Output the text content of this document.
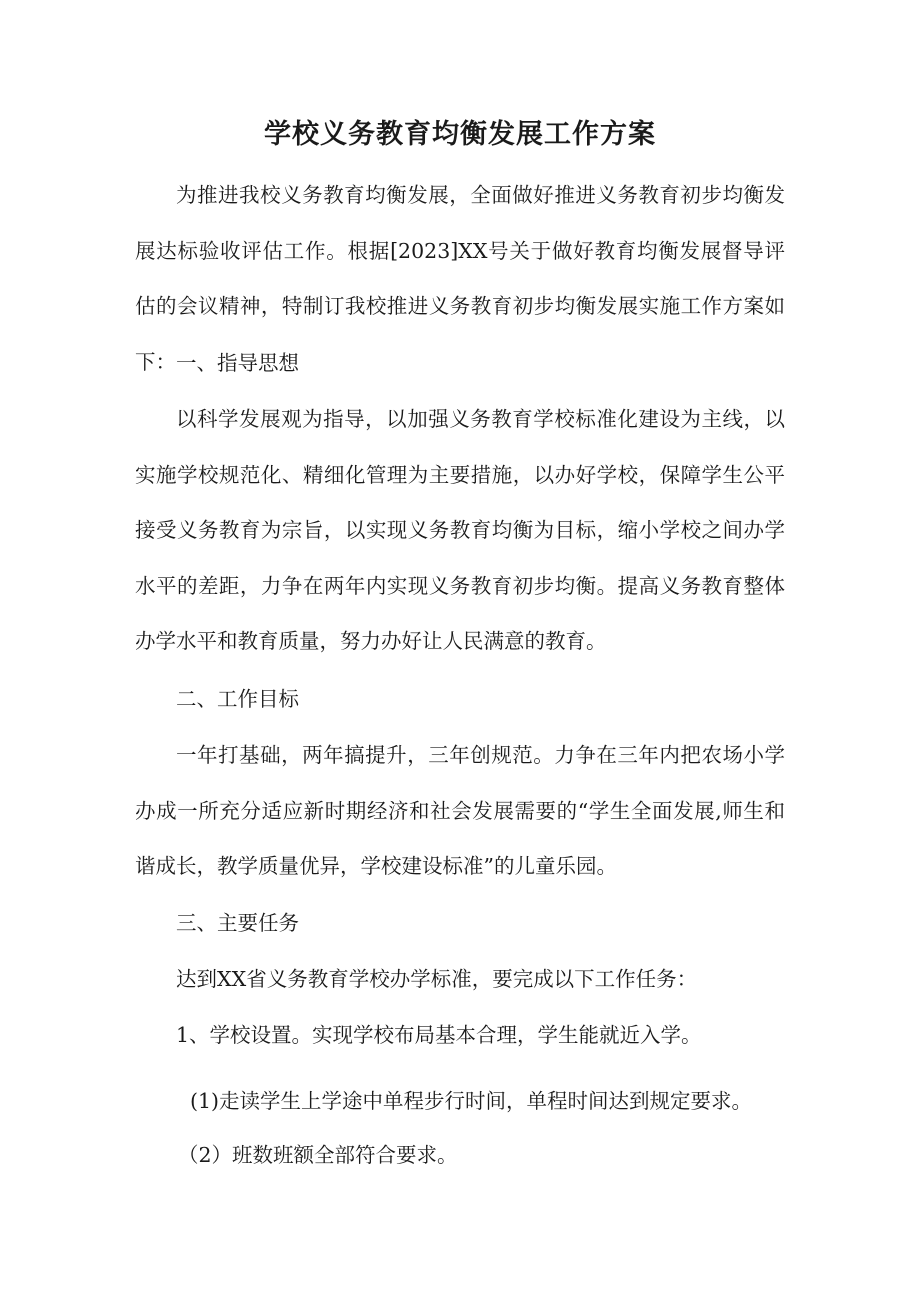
学校义务教育均衡发展工作方案

为推进我校义务教育均衡发展，全面做好推进义务教育初步均衡发展达标验收评估工作。根据[2023]XX号关于做好教育均衡发展督导评估的会议精神，特制订我校推进义务教育初步均衡发展实施工作方案如下： 一、指导思想

以科学发展观为指导，以加强义务教育学校标准化建设为主线，以实施学校规范化、精细化管理为主要措施，以办好学校，保障学生公平接受义务教育为宗旨，以实现义务教育均衡为目标，缩小学校之间办学水平的差距，力争在两年内实现义务教育初步均衡。提高义务教育整体办学水平和教育质量，努力办好让人民满意的教育。

二、工作目标

一年打基础，两年搞提升，三年创规范。力争在三年内把农场小学办成一所充分适应新时期经济和社会发展需要的“学生全面发展,师生和谐成长，教学质量优异，学校建设标准”的儿童乐园。

三、主要任务

达到XX省义务教育学校办学标准，要完成以下工作任务：

1、学校设置。实现学校布局基本合理，学生能就近入学。

(1)走读学生上学途中单程步行时间，单程时间达到规定要求。

（2）班数班额全部符合要求。
